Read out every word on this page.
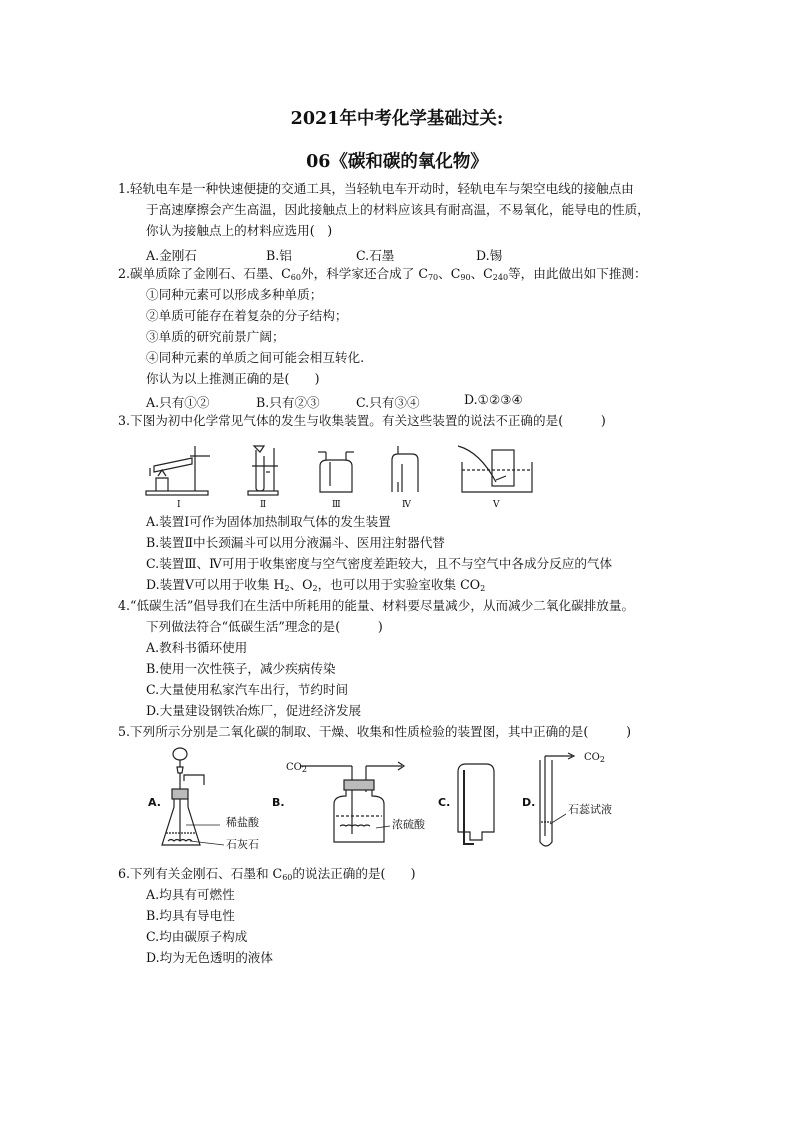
2021年中考化学基础过关:
06《碳和碳的氧化物》
1.轻轨电车是一种快速便捷的交通工具，当轻轨电车开动时，轻轨电车与架空电线的接触点由
于高速摩擦会产生高温，因此接触点上的材料应该具有耐高温，不易氧化，能导电的性质，
你认为接触点上的材料应选用(　)
A.金刚石	B.铝	C.石墨	D.锡
2.碳单质除了金刚石、石墨、$C_{60}$外，科学家还合成了 $C_{70}$、$C_{90}$、$C_{240}$等，由此做出如下推测：
①同种元素可以形成多种单质；
②单质可能存在着复杂的分子结构；
③单质的研究前景广阔；
④同种元素的单质之间可能会相互转化.
你认为以上推测正确的是(　　)
A.只有①②	B.只有②③	C.只有③④	D.①②③④
3.下图为初中化学常见气体的发生与收集装置。有关这些装置的说法不正确的是(　　　)
Ⅰ	Ⅱ	Ⅲ	Ⅳ	Ⅴ
A.装置Ⅰ可作为固体加热制取气体的发生装置
B.装置Ⅱ中长颈漏斗可以用分液漏斗、医用注射器代替
C.装置Ⅲ、Ⅳ可用于收集密度与空气密度差距较大，且不与空气中各成分反应的气体
D.装置Ⅴ可以用于收集 $H_2$、$O_2$，也可以用于实验室收集 $CO_2$
4.“低碳生活”倡导我们在生活中所耗用的能量、材料要尽量减少，从而减少二氧化碳排放量。
下列做法符合“低碳生活”理念的是(　　　)
A.教科书循环使用
B.使用一次性筷子，减少疾病传染
C.大量使用私家汽车出行，节约时间
D.大量建设钢铁冶炼厂，促进经济发展
5.下列所示分别是二氧化碳的制取、干燥、收集和性质检验的装置图，其中正确的是(　　　)
A.	B.	C.	D.
稀盐酸
石灰石
$CO_2$
浓硫酸
$CO_2$
石蕊试液
6.下列有关金刚石、石墨和 $C_{60}$的说法正确的是(　　)
A.均具有可燃性
B.均具有导电性
C.均由碳原子构成
D.均为无色透明的液体
